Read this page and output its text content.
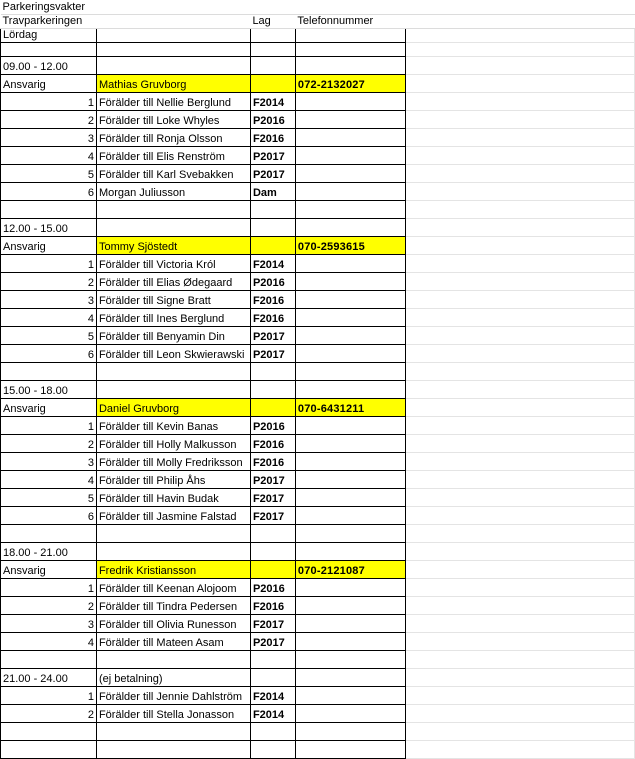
Parkeringsvakter				
Travparkeringen		Lag	Telefonnummer	
Lördag				

09.00 - 12.00				
Ansvarig	Mathias Gruvborg		072-2132027	
1	Förälder till Nellie Berglund	F2014		
2	Förälder till Loke Whyles	P2016		
3	Förälder till Ronja Olsson	F2016		
4	Förälder till Elis Renström	P2017		
5	Förälder till Karl Svebakken	P2017		
6	Morgan Juliusson	Dam		

12.00 - 15.00				
Ansvarig	Tommy Sjöstedt		070-2593615	
1	Förälder till Victoria Król	F2014		
2	Förälder till Elias Ødegaard	P2016		
3	Förälder till Signe Bratt	F2016		
4	Förälder till Ines Berglund	F2016		
5	Förälder till Benyamin Din	P2017		
6	Förälder till Leon Skwierawski	P2017		

15.00 - 18.00				
Ansvarig	Daniel Gruvborg		070-6431211	
1	Förälder till Kevin Banas	P2016		
2	Förälder till Holly Malkusson	F2016		
3	Förälder till Molly Fredriksson	F2016		
4	Förälder till Philip Åhs	P2017		
5	Förälder till Havin Budak	F2017		
6	Förälder till Jasmine Falstad	F2017		

18.00 - 21.00				
Ansvarig	Fredrik Kristiansson		070-2121087	
1	Förälder till Keenan Alojoom	P2016		
2	Förälder till Tindra Pedersen	F2016		
3	Förälder till Olivia Runesson	F2017		
4	Förälder till Mateen Asam	P2017		

21.00 - 24.00	(ej betalning)			
1	Förälder till Jennie Dahlström	F2014		
2	Förälder till Stella Jonasson	F2014		
